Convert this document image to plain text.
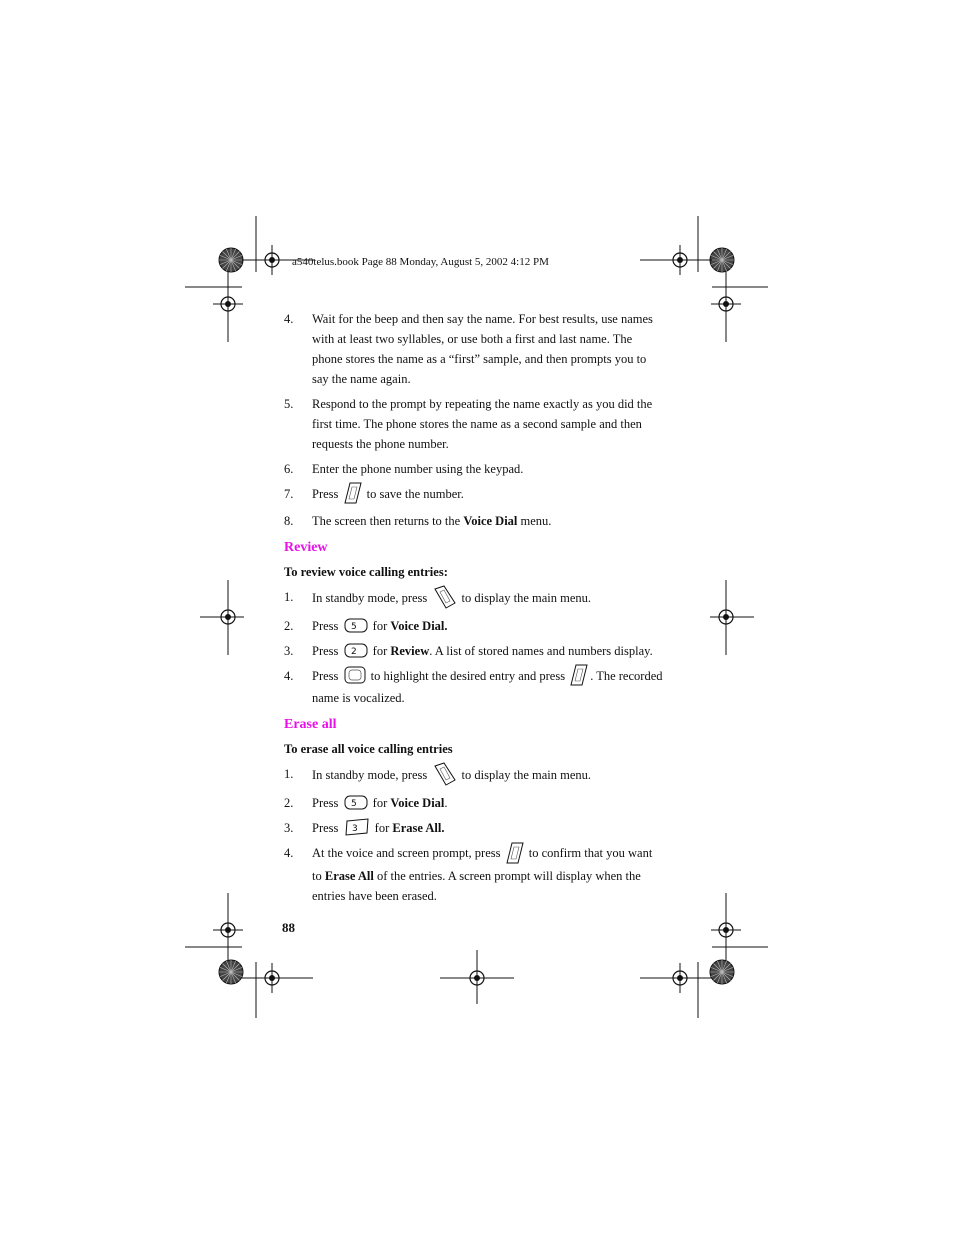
a540telus.book Page 88 Monday, August 5, 2002 4:12 PM
4. Wait for the beep and then say the name. For best results, use names with at least two syllables, or use both a first and last name. The phone stores the name as a “first” sample, and then prompts you to say the name again.
5. Respond to the prompt by repeating the name exactly as you did the first time. The phone stores the name as a second sample and then requests the phone number.
6. Enter the phone number using the keypad.
7. Press to save the number.
8. The screen then returns to the Voice Dial menu.
Review
To review voice calling entries:
1. In standby mode, press	to display the main menu.
2. Press 5 for Voice Dial.
3. Press 2 for Review. A list of stored names and numbers display.
4. Press	to highlight the desired entry and press . The recorded name is vocalized.
Erase all
To erase all voice calling entries
1. In standby mode, press	to display the main menu.
2. Press 5 for Voice Dial.
3. Press 3 for Erase All.
4. At the voice and screen prompt, press to confirm that you want to Erase All of the entries. A screen prompt will display when the entries have been erased.
88
